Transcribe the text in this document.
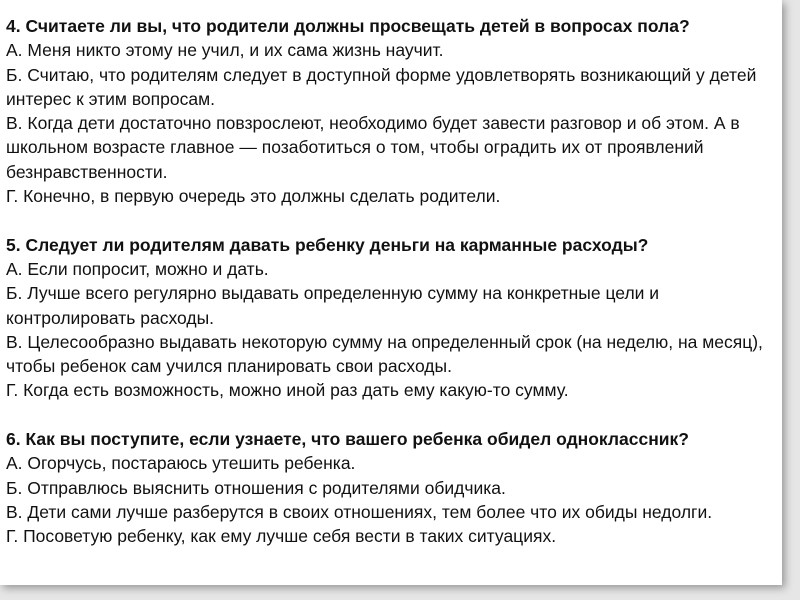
4. Считаете ли вы, что родители должны просвещать детей в вопросах пола?
А. Меня никто этому не учил, и их сама жизнь научит.
Б. Считаю, что родителям следует в доступной форме удовлетворять возникающий у детей интерес к этим вопросам.
В. Когда дети достаточно повзрослеют, необходимо будет завести разговор и об этом. А в школьном возрасте главное — позаботиться о том, чтобы оградить их от проявлений безнравственности.
Г. Конечно, в первую очередь это должны сделать родители.
5. Следует ли родителям давать ребенку деньги на карманные расходы?
А. Если попросит, можно и дать.
Б. Лучше всего регулярно выдавать определенную сумму на конкретные цели и контролировать расходы.
В. Целесообразно выдавать некоторую сумму на определенный срок (на неделю, на месяц), чтобы ребенок сам учился планировать свои расходы.
Г. Когда есть возможность, можно иной раз дать ему какую-то сумму.
6. Как вы поступите, если узнаете, что вашего ребенка обидел одноклассник?
А. Огорчусь, постараюсь утешить ребенка.
Б. Отправлюсь выяснить отношения с родителями обидчика.
В. Дети сами лучше разберутся в своих отношениях, тем более что их обиды недолги.
Г. Посоветую ребенку, как ему лучше себя вести в таких ситуациях.
